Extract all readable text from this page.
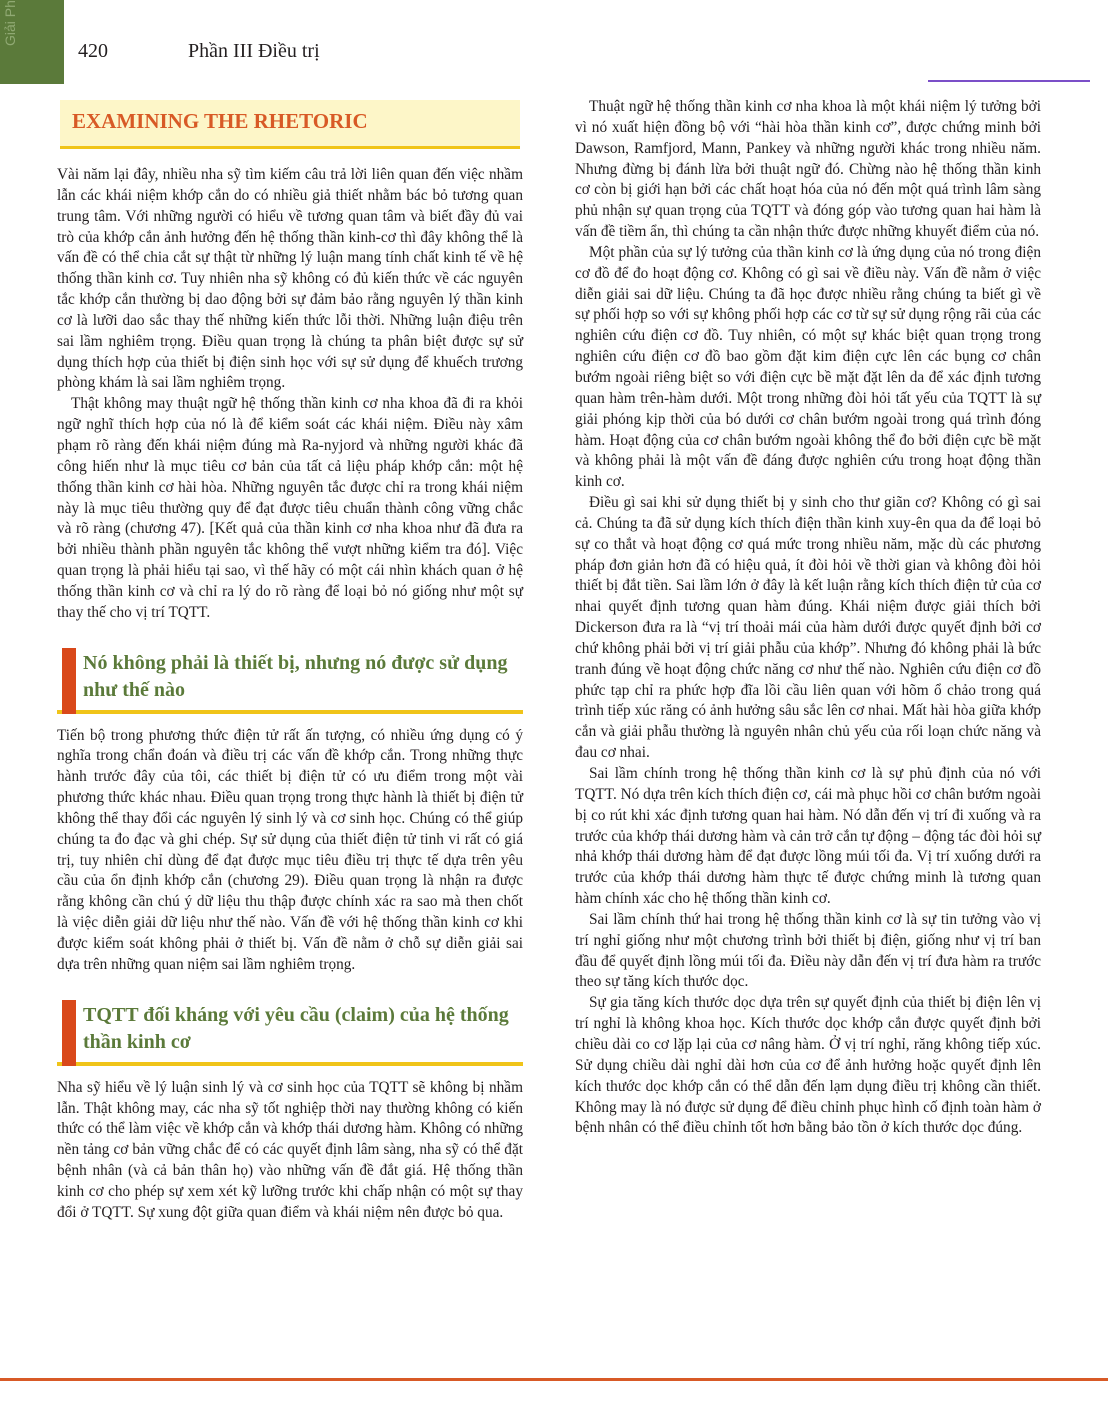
Giải Ph
420	Phần III Điều trị
EXAMINING THE RHETORIC

Vài năm lại đây, nhiều nha sỹ tìm kiếm câu trả lời liên quan đến việc nhầm lẫn các khái niệm khớp cắn do có nhiều giả thiết nhằm bác bỏ tương quan trung tâm. Với những người có hiểu về tương quan tâm và biết đầy đủ vai trò của khớp cắn ảnh hưởng đến hệ thống thần kinh-cơ thì đây không thể là vấn đề có thể chia cắt sự thật từ những lý luận mang tính chất kinh tế về hệ thống thần kinh cơ. Tuy nhiên nha sỹ không có đủ kiến thức về các nguyên tắc khớp cắn thường bị dao động bởi sự đảm bảo rằng nguyên lý thần kinh cơ là lưỡi dao sắc thay thế những kiến thức lỗi thời. Những luận điệu trên sai lầm nghiêm trọng. Điều quan trọng là chúng ta phân biệt được sự sử dụng thích hợp của thiết bị điện sinh học với sự sử dụng để khuếch trương phòng khám là sai lầm nghiêm trọng.

Thật không may thuật ngữ hệ thống thần kinh cơ nha khoa đã đi ra khỏi ngữ nghĩ thích hợp của nó là để kiểm soát các khái niệm. Điều này xâm phạm rõ ràng đến khái niệm đúng mà Ra-nyjord và những người khác đã công hiến như là mục tiêu cơ bản của tất cả liệu pháp khớp cắn: một hệ thống thần kinh cơ hài hòa. Những nguyên tắc được chỉ ra trong khái niệm này là mục tiêu thường quy để đạt được tiêu chuẩn thành công vững chắc và rõ ràng (chương 47). [Kết quả của thần kinh cơ nha khoa như đã đưa ra bởi nhiều thành phần nguyên tắc không thể vượt những kiểm tra đó]. Việc quan trọng là phải hiểu tại sao, vì thế hãy có một cái nhìn khách quan ở hệ thống thần kinh cơ và chỉ ra lý do rõ ràng để loại bỏ nó giống như một sự thay thế cho vị trí TQTT.

Nó không phải là thiết bị, nhưng nó được sử dụng như thế nào

Tiến bộ trong phương thức điện tử rất ấn tượng, có nhiều ứng dụng có ý nghĩa trong chẩn đoán và điều trị các vấn đề khớp cắn. Trong những thực hành trước đây của tôi, các thiết bị điện tử có ưu điểm trong một vài phương thức khác nhau. Điều quan trọng trong thực hành là thiết bị điện tử không thể thay đổi các nguyên lý sinh lý và cơ sinh học. Chúng có thể giúp chúng ta đo đạc và ghi chép. Sự sử dụng của thiết điện tử tinh vi rất có giá trị, tuy nhiên chỉ dùng để đạt được mục tiêu điều trị thực tế dựa trên yêu cầu của ổn định khớp cắn (chương 29). Điều quan trọng là nhận ra được rằng không cần chú ý dữ liệu thu thập được chính xác ra sao mà then chốt là việc diễn giải dữ liệu như thế nào. Vấn đề với hệ thống thần kinh cơ khi được kiểm soát không phải ở thiết bị. Vấn đề nằm ở chỗ sự diễn giải sai dựa trên những quan niệm sai lầm nghiêm trọng.

TQTT đối kháng với yêu cầu (claim) của hệ thống thần kinh cơ

Nha sỹ hiểu về lý luận sinh lý và cơ sinh học của TQTT sẽ không bị nhầm lẫn. Thật không may, các nha sỹ tốt nghiệp thời nay thường không có kiến thức có thể làm việc về khớp cắn và khớp thái dương hàm. Không có những nền tảng cơ bản vững chắc để có các quyết định lâm sàng, nha sỹ có thể đặt bệnh nhân (và cả bản thân họ) vào những vấn đề đắt giá. Hệ thống thần kinh cơ cho phép sự xem xét kỹ lưỡng trước khi chấp nhận có một sự thay đổi ở TQTT. Sự xung đột giữa quan điểm và khái niệm nên được bỏ qua.

Thuật ngữ hệ thống thần kinh cơ nha khoa là một khái niệm lý tưởng bởi vì nó xuất hiện đồng bộ với “hài hòa thần kinh cơ”, được chứng minh bởi Dawson, Ramfjord, Mann, Pankey và những người khác trong nhiều năm. Nhưng đừng bị đánh lừa bởi thuật ngữ đó. Chừng nào hệ thống thần kinh cơ còn bị giới hạn bởi các chất hoạt hóa của nó đến một quá trình lâm sàng phủ nhận sự quan trọng của TQTT và đóng góp vào tương quan hai hàm là vấn đề tiềm ẩn, thì chúng ta cần nhận thức được những khuyết điểm của nó.

Một phần của sự lý tưởng của thần kinh cơ là ứng dụng của nó trong điện cơ đồ để đo hoạt động cơ. Không có gì sai về điều này. Vấn đề nằm ở việc diễn giải sai dữ liệu. Chúng ta đã học được nhiều rằng chúng ta biết gì về sự phối hợp so với sự không phối hợp các cơ từ sự sử dụng rộng rãi của các nghiên cứu điện cơ đồ. Tuy nhiên, có một sự khác biệt quan trọng trong nghiên cứu điện cơ đồ bao gồm đặt kim điện cực lên các bụng cơ chân bướm ngoài riêng biệt so với điện cực bề mặt đặt lên da để xác định tương quan hàm trên-hàm dưới. Một trong những đòi hỏi tất yếu của TQTT là sự giải phóng kịp thời của bó dưới cơ chân bướm ngoài trong quá trình đóng hàm. Hoạt động của cơ chân bướm ngoài không thể đo bởi điện cực bề mặt và không phải là một vấn đề đáng được nghiên cứu trong hoạt động thần kinh cơ.

Điều gì sai khi sử dụng thiết bị y sinh cho thư giãn cơ? Không có gì sai cả. Chúng ta đã sử dụng kích thích điện thần kinh xuy-ên qua da để loại bỏ sự co thắt và hoạt động cơ quá mức trong nhiều năm, mặc dù các phương pháp đơn giản hơn đã có hiệu quả, ít đòi hỏi về thời gian và không đòi hỏi thiết bị đắt tiền. Sai lầm lớn ở đây là kết luận rằng kích thích điện tử của cơ nhai quyết định tương quan hàm đúng. Khái niệm được giải thích bởi Dickerson đưa ra là “vị trí thoải mái của hàm dưới được quyết định bởi cơ chứ không phải bởi vị trí giải phẫu của khớp”. Nhưng đó không phải là bức tranh đúng về hoạt động chức năng cơ như thế nào. Nghiên cứu điện cơ đồ phức tạp chỉ ra phức hợp đĩa lồi cầu liên quan với hõm ổ chảo trong quá trình tiếp xúc răng có ảnh hưởng sâu sắc lên cơ nhai. Mất hài hòa giữa khớp cắn và giải phẫu thường là nguyên nhân chủ yếu của rối loạn chức năng và đau cơ nhai.

Sai lầm chính trong hệ thống thần kinh cơ là sự phủ định của nó với TQTT. Nó dựa trên kích thích điện cơ, cái mà phục hồi cơ chân bướm ngoài bị co rút khi xác định tương quan hai hàm. Nó dẫn đến vị trí đi xuống và ra trước của khớp thái dương hàm và cản trở cắn tự động – động tác đòi hỏi sự nhả khớp thái dương hàm để đạt được lồng múi tối đa. Vị trí xuống dưới ra trước của khớp thái dương hàm thực tế được chứng minh là tương quan hàm chính xác cho hệ thống thần kinh cơ.

Sai lầm chính thứ hai trong hệ thống thần kinh cơ là sự tin tưởng vào vị trí nghỉ giống như một chương trình bởi thiết bị điện, giống như vị trí ban đầu để quyết định lồng múi tối đa. Điều này dẫn đến vị trí đưa hàm ra trước theo sự tăng kích thước dọc.

Sự gia tăng kích thước dọc dựa trên sự quyết định của thiết bị điện lên vị trí nghỉ là không khoa học. Kích thước dọc khớp cắn được quyết định bởi chiều dài co cơ lặp lại của cơ nâng hàm. Ở vị trí nghỉ, răng không tiếp xúc. Sử dụng chiều dài nghỉ dài hơn của cơ để ảnh hưởng hoặc quyết định lên kích thước dọc khớp cắn có thể dẫn đến lạm dụng điều trị không cần thiết. Không may là nó được sử dụng để điều chỉnh phục hình cố định toàn hàm ở bệnh nhân có thể điều chỉnh tốt hơn bằng bảo tồn ở kích thước dọc đúng.
